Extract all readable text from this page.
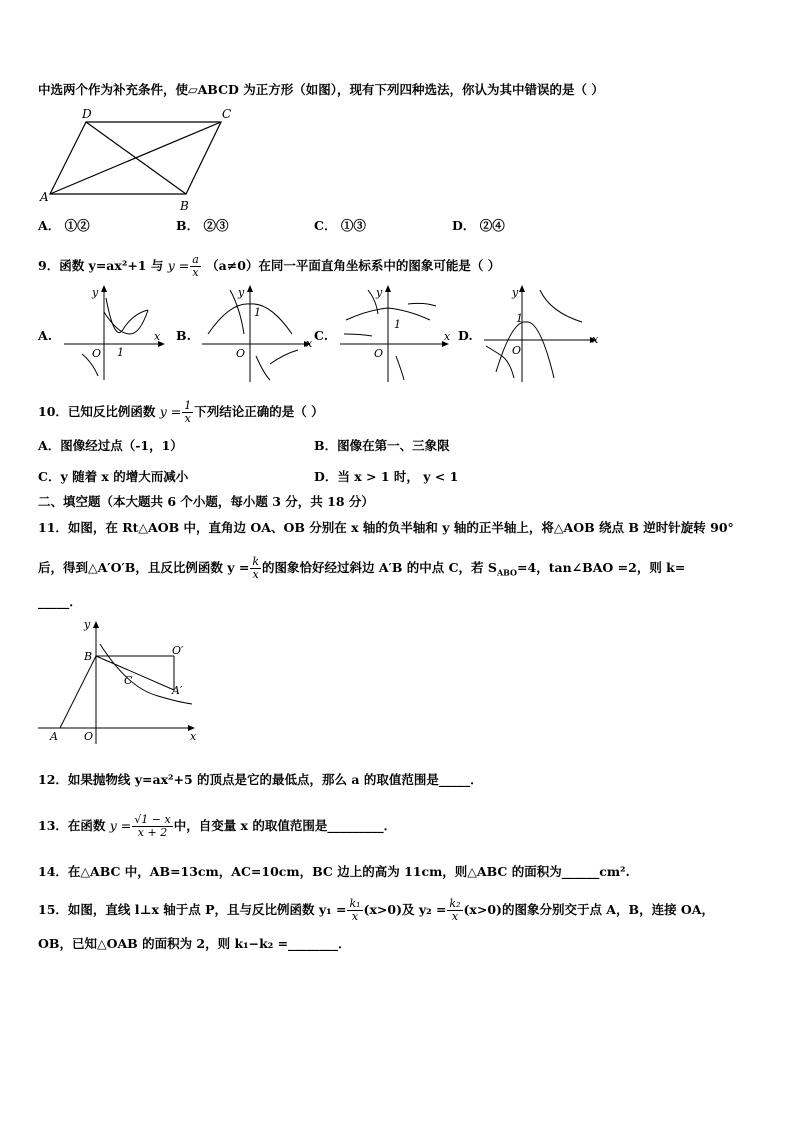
中选两个作为补充条件，使▱ABCD 为正方形（如图），现有下列四种选法，你认为其中错误的是（ ）
A
B
C
D
A． ①②	B． ②③	C． ①③	D． ②④
9．函数 y=ax²+1 与 $y = \frac{a}{x} (a\ne 0)$在同一平面直角坐标系中的图象可能是（ ）
A.
y
x
O 1
B.
y
x
O
1
C.
y
x
O
1
D.
y
x
O
1
10．已知反比例函数 $y = \frac{1}{x}$ 下列结论正确的是（ ）
A．图像经过点（-1，1）	B．图像在第一、三象限
C．y 随着 x 的增大而减小	D．当 x > 1 时， y < 1
二、填空题（本大题共 6 个小题，每小题 3 分，共 18 分）
11．如图，在 Rt△AOB 中，直角边 OA、OB 分别在 x 轴的负半轴和 y 轴的正半轴上，将△AOB 绕点 B 逆时针旋转 90°
后，得到△A′O′B，且反比例函数 $y = \frac{k}{x}$ 的图象恰好经过斜边 A′B 的中点 C，若 $S_{ABO}=4$，tan∠BAO =2，则 k=
_____．
y
x
B	O′
C
A′
A O
12．如果抛物线 y=ax²+5 的顶点是它的最低点，那么 a 的取值范围是_____．
13．在函数 $y = \frac{√1 - x}{x + 2}$ 中，自变量 x 的取值范围是_________．
14．在△ABC 中，AB=13cm，AC=10cm，BC 边上的高为 11cm，则△ABC 的面积为______cm².
15．如图，直线 l⊥x 轴于点 P，且与反比例函数 $y_1 = \frac{\text{k₁}}{x} (x>0)$及 $y_2 = \frac{\text{k₂}}{x} (x>0)$的图象分别交于点 A，B，连接 OA，
OB，已知△OAB 的面积为 2，则 k₁−k₂ =________．
